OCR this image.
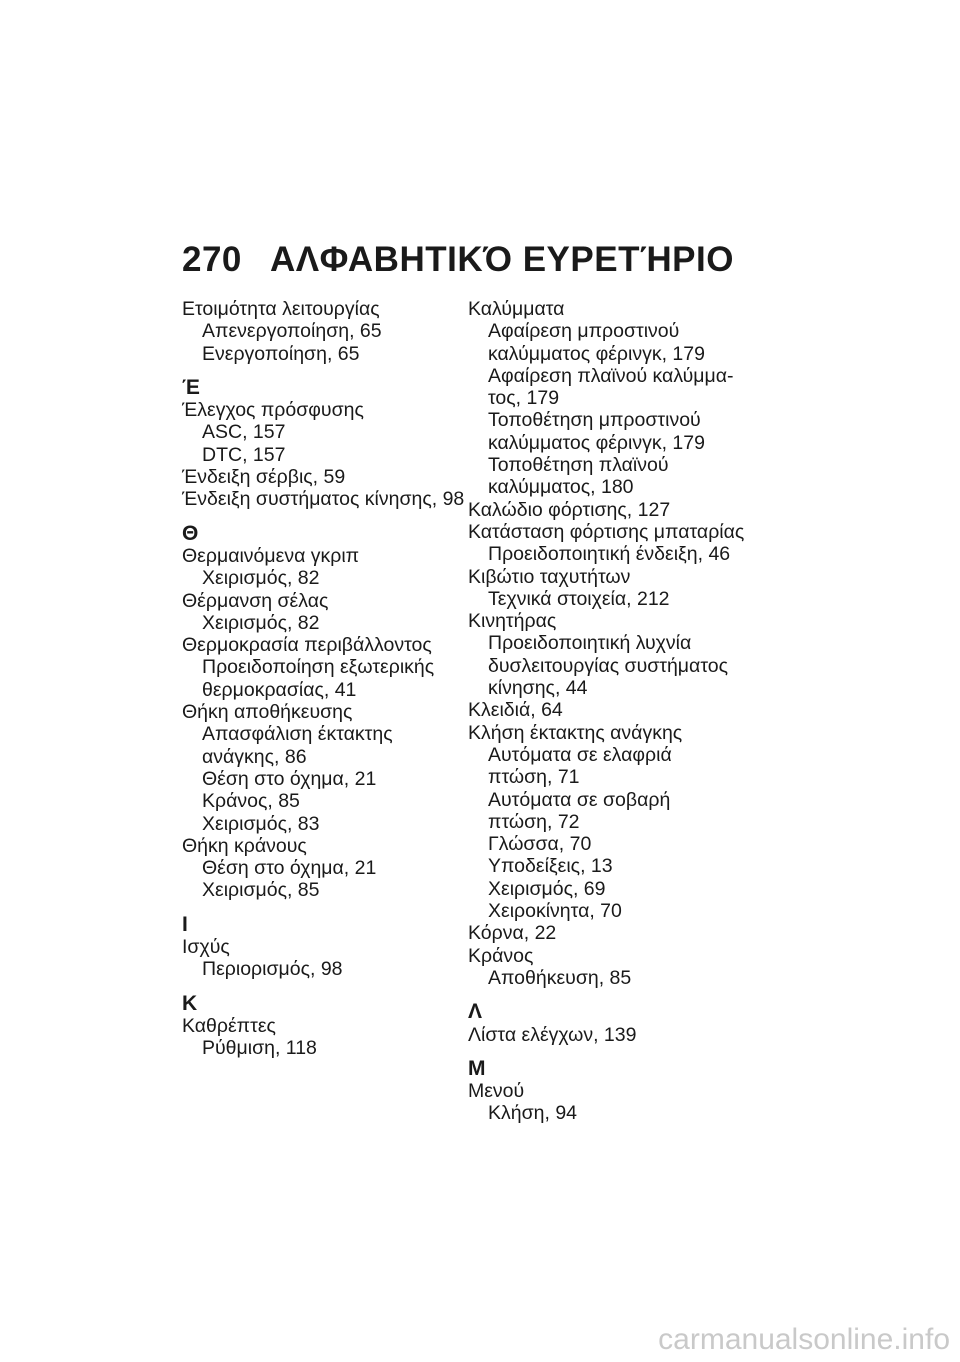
270 ΑΛΦΑΒΗΤΙΚΌ ΕΥΡΕΤΉΡΙΟ
Ετοιμότητα λειτουργίας
Απενεργοποίηση, 65
Ενεργοποίηση, 65
Έ
Έλεγχος πρόσφυσης
ASC, 157
DTC, 157
Ένδειξη σέρβις, 59
Ένδειξη συστήματος κίνησης, 98
Θ
Θερμαινόμενα γκριπ
Χειρισμός, 82
Θέρμανση σέλας
Χειρισμός, 82
Θερμοκρασία περιβάλλοντος
Προειδοποίηση εξωτερικής
θερμοκρασίας, 41
Θήκη αποθήκευσης
Απασφάλιση έκτακτης
ανάγκης, 86
Θέση στο όχημα, 21
Κράνος, 85
Χειρισμός, 83
Θήκη κράνους
Θέση στο όχημα, 21
Χειρισμός, 85
Ι
Ισχύς
Περιορισμός, 98
Κ
Καθρέπτες
Ρύθμιση, 118
Καλύμματα
Αφαίρεση μπροστινού
καλύμματος φέρινγκ, 179
Αφαίρεση πλαϊνού καλύμμα-
τος, 179
Τοποθέτηση μπροστινού
καλύμματος φέρινγκ, 179
Τοποθέτηση πλαϊνού
καλύμματος, 180
Καλώδιο φόρτισης, 127
Κατάσταση φόρτισης μπαταρίας
Προειδοποιητική ένδειξη, 46
Κιβώτιο ταχυτήτων
Τεχνικά στοιχεία, 212
Κινητήρας
Προειδοποιητική λυχνία
δυσλειτουργίας συστήματος
κίνησης, 44
Κλειδιά, 64
Κλήση έκτακτης ανάγκης
Αυτόματα σε ελαφριά
πτώση, 71
Αυτόματα σε σοβαρή
πτώση, 72
Γλώσσα, 70
Υποδείξεις, 13
Χειρισμός, 69
Χειροκίνητα, 70
Κόρνα, 22
Κράνος
Αποθήκευση, 85
Λ
Λίστα ελέγχων, 139
Μ
Μενού
Κλήση, 94
carmanualsonline.info
